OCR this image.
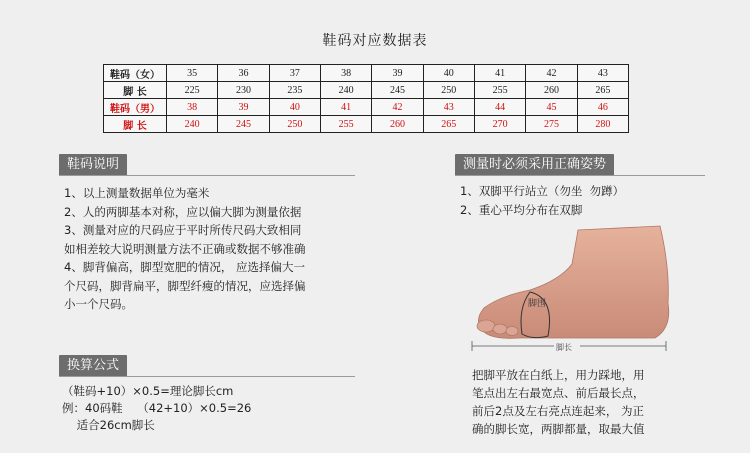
鞋码对应数据表
鞋码（女）	35	36	37	38	39	40	41	42	43
脚 长	225	230	235	240	245	250	255	260	265
鞋码（男）	38	39	40	41	42	43	44	45	46
脚 长	240	245	250	255	260	265	270	275	280
鞋码说明
1、以上测量数据单位为毫米
2、人的两脚基本对称，应以偏大脚为测量依据
3、测量对应的尺码应于平时所传尺码大致相同
如相差较大说明测量方法不正确或数据不够准确
4、脚背偏高，脚型宽肥的情况， 应选择偏大一
个尺码，脚背扁平，脚型纤瘦的情况，应选择偏
小一个尺码。
换算公式
（鞋码+10）×0.5=理论脚长cm
例：40码鞋    （42+10）×0.5=26
适合26cm脚长
测量时必须采用正确姿势
1、双脚平行站立（勿坐  勿蹲）
2、重心平均分布在双脚
脚围
脚长
把脚平放在白纸上，用力踩地，用
笔点出左右最宽点、前后最长点，
前后2点及左右亮点连起来， 为正
确的脚长宽，两脚都量，取最大值
